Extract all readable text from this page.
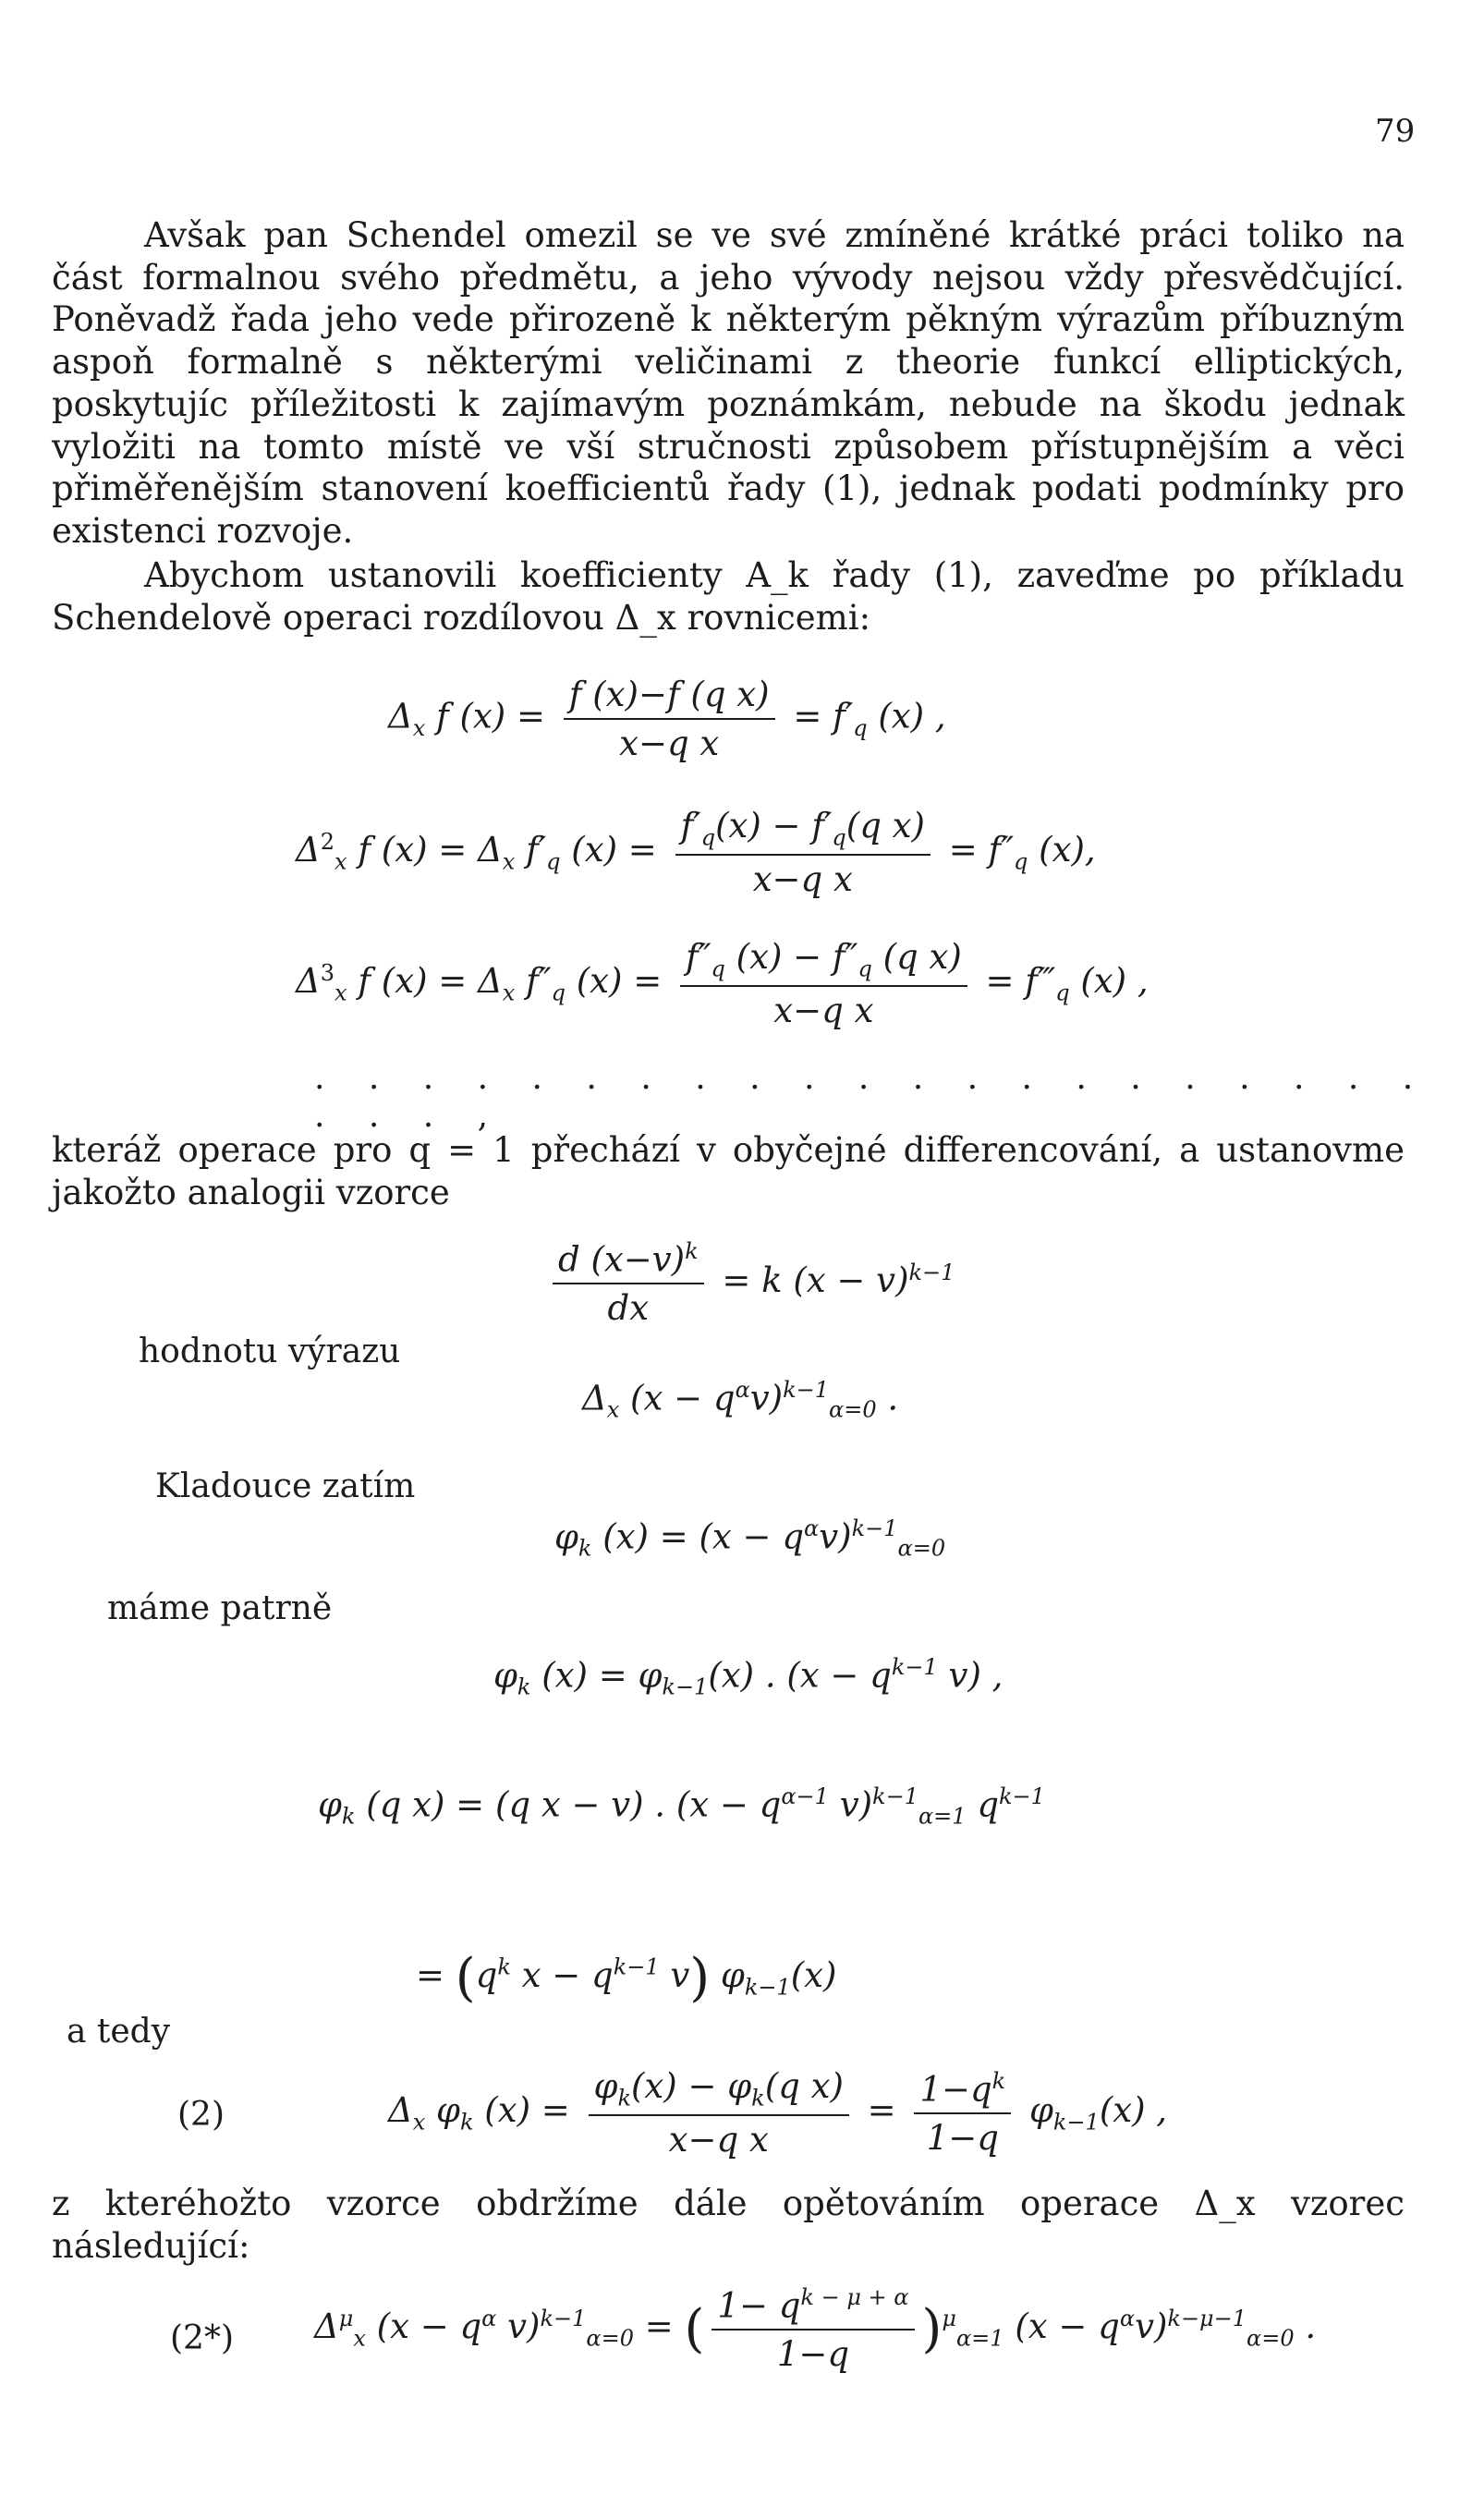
79

Avšak pan Schendel omezil se ve své zmíněné krátké práci toliko na část formalnou svého předmětu, a jeho vývody nejsou vždy přesvědčující. Poněvadž řada jeho vede přirozeně k některým pěkným výrazům příbuzným aspoň formalně s některými veličinami z theorie funkcí elliptických, poskytujíc příležitosti k zajímavým poznámkám, nebude na škodu jednak vyložiti na tomto místě ve vší stručnosti způsobem přístupnějším a věci přiměřenějším stanovení koefficientů řady (1), jednak podati podmínky pro existenci rozvoje.

Abychom ustanovili koefficienty A_k řady (1), zaveďme po příkladu Schendelově operaci rozdílovou Δ_x rovnicemi:

$\Delta_x$ f $(x) = \frac{\text{f (x)−f (q x)}}{\text{x−q x}} = f'_q$ (x) ,
$\Delta^2_x$ f $(x) = \Delta_x$ $f'_q$ $(x) = \frac{f'_q(x) - f'_q(q x)}{\text{x−q x}} = f''_q$ (x),
$\Delta^3_x$ f $(x) = \Delta_x$ $f''_q$ $(x) = \frac{f''_q (x) - f''_q (q x)}{\text{x−q x}}$ = $f‴_q$ (x) ,
. . . . . . . . . . . . . . . . . . . . . . . . ,

kteráž operace pro q = 1 přechází v obyčejné differencování, a ustanovme jakožto analogii vzorce

$\frac{d (x-v)^k}{dx} = k$ $(x - v)^{k-1}$
hodnotu výrazu
$\Delta_x$ $(x - q^\alpha v)^{k-1}_{\alpha=0}$ .
Kladouce zatím
$\varphi_k$ $(x) = (x - q^\alpha v)^{k-1}_{\alpha=0}$
máme patrně
$\varphi_k$ $(x) = \varphi_{k-1}(x)$ . ($x - q^{k-1}$ v) ,
$\varphi_k$ (q x) = (q x − v) . ($x - q^{\alpha-1}$ v)$^{k-1}_{\alpha=1}$ $q^{k-1}$
= ($q^k$ $x - q^{k-1}$ v) $\varphi_{k-1}(x)$
a tedy
(2)	$\Delta_x$ $\varphi_k$ $(x) = \frac{\varphi_k(x) - \varphi_k(q x)}{\text{x−q x}} = \frac{1-q^k}{1-q} \varphi_{k-1}(x)$ ,

z kteréhožto vzorce obdržíme dále opětováním operace Δ_x vzorec následující:

(2*) $\Delta^\mu_x$ ($x - q^\alpha$ v)$^{k-1}_{\alpha=0}$ = ( $\frac{1- q^{k - \mu + \alpha}}{1-q} )^\mu_{\alpha=1}$ $(x - q^\alpha v)^{k-\mu-1}_{\alpha=0}$ .
